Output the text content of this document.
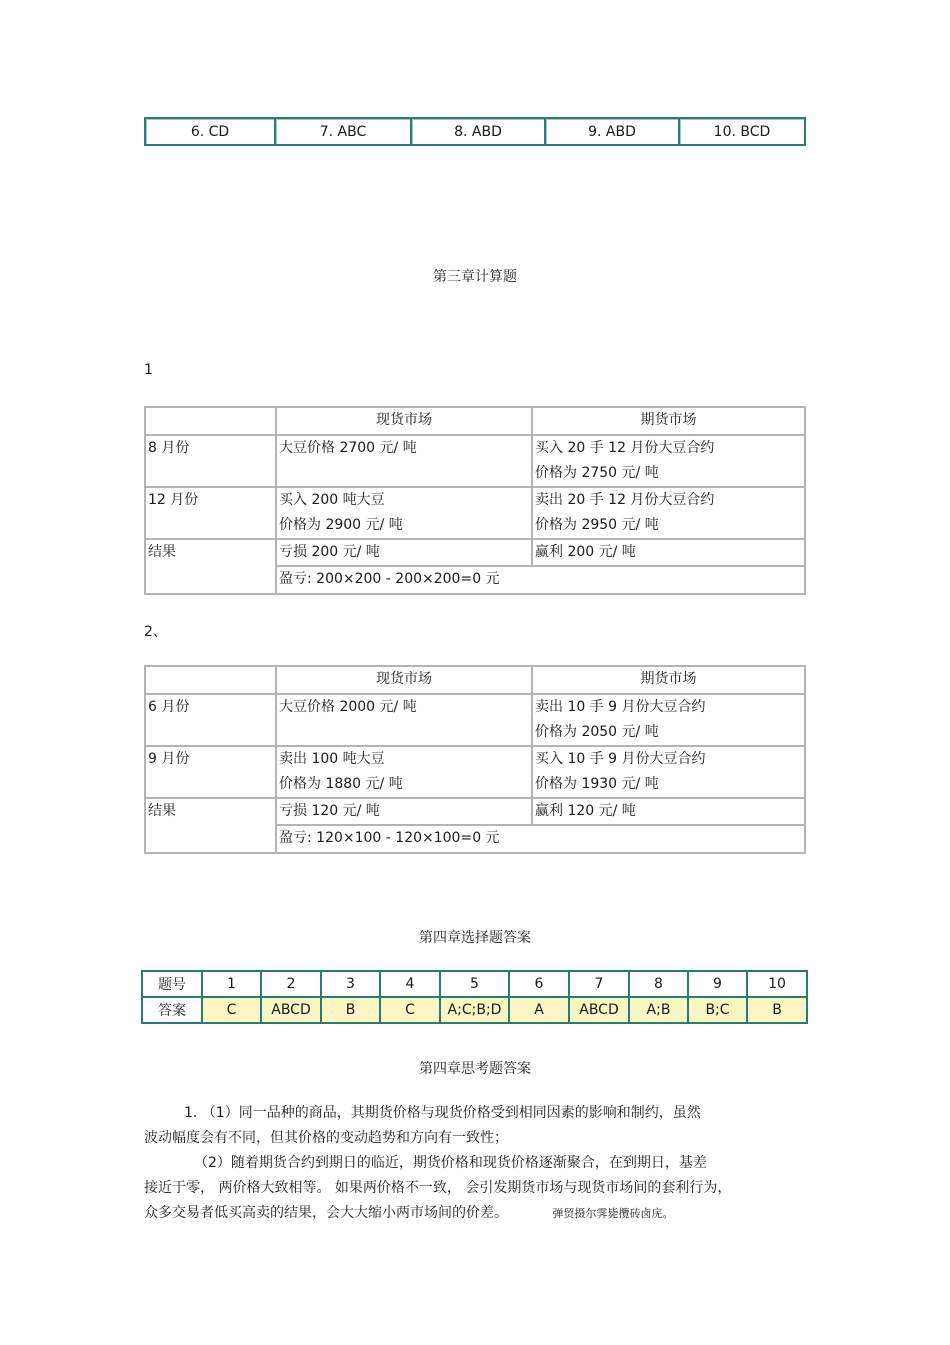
6. CD	7. ABC	8. ABD	9. ABD	10. BCD
第三章计算题
1
	现货市场	期货市场
8 月份	大豆价格 2700 元/ 吨	买入 20 手 12 月份大豆合约
价格为 2750 元/ 吨

12 月份	买入 200 吨大豆
价格为 2900 元/ 吨	卖出 20 手 12 月份大豆合约
价格为 2950 元/ 吨

结果	亏损 200 元/ 吨	赢利 200 元/ 吨
	盈亏: 200×200 - 200×200=0 元	
2、
	现货市场	期货市场
6 月份	大豆价格 2000 元/ 吨	卖出 10 手 9 月份大豆合约
价格为 2050 元/ 吨

9 月份	卖出 100 吨大豆
价格为 1880 元/ 吨	买入 10 手 9 月份大豆合约
价格为 1930 元/ 吨

结果	亏损 120 元/ 吨	赢利 120 元/ 吨
	盈亏: 120×100 - 120×100=0 元	
第四章选择题答案
题号	1	2	3	4	5	6	7	8	9	10
答案	C	ABCD	B	C	A;C;B;D	A	ABCD	A;B	B;C	B
第四章思考题答案
1. （1）同一品种的商品，其期货价格与现货价格受到相同因素的影响和制约，虽然
波动幅度会有不同，但其价格的变动趋势和方向有一致性；
（2）随着期货合约到期日的临近，期货价格和现货价格逐渐聚合，在到期日，基差
接近于零， 两价格大致相等。 如果两价格不一致， 会引发期货市场与现货市场间的套利行为，
众多交易者低买高卖的结果，会大大缩小两市场间的价差。	弹贸摄尔霁毙攬砖卤庑。
